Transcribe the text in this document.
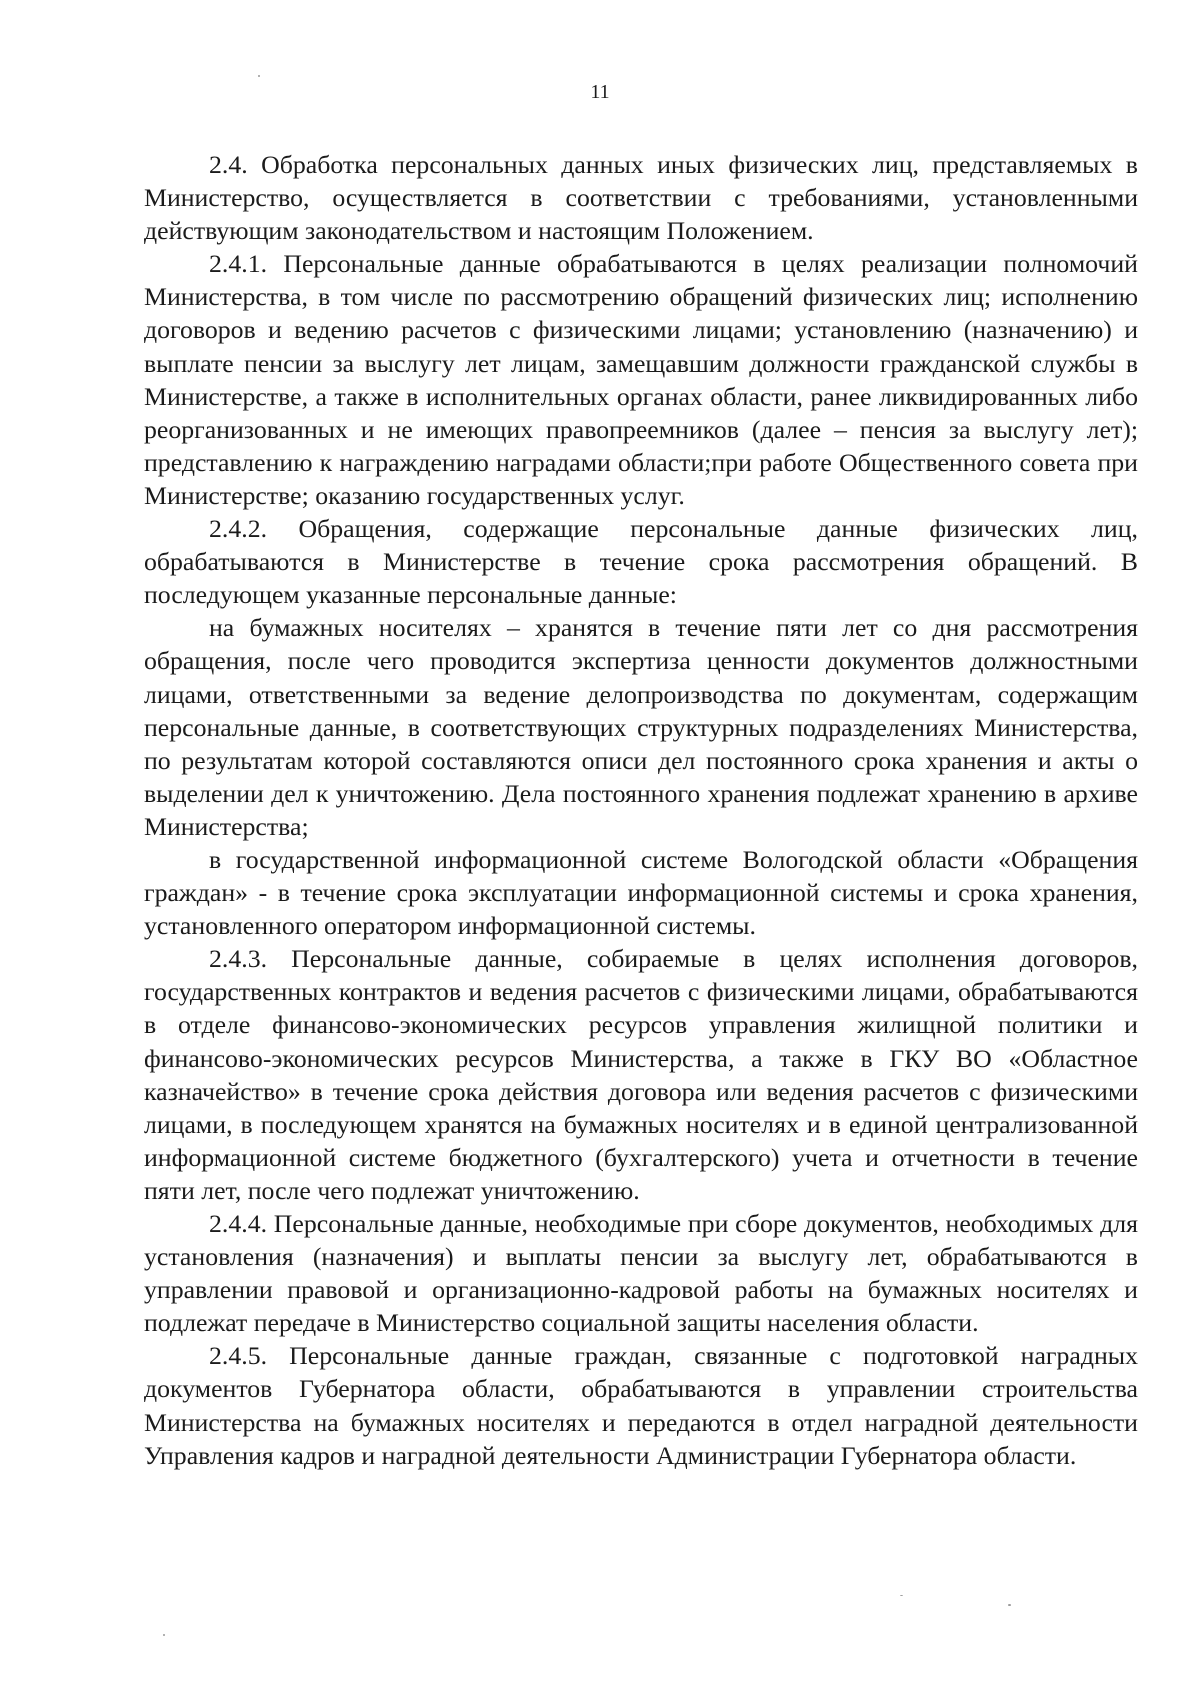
11

2.4. Обработка персональных данных иных физических лиц, представляемых в Министерство, осуществляется в соответствии с требованиями, установленными действующим законодательством и настоящим Положением.

2.4.1. Персональные данные обрабатываются в целях реализации полномочий Министерства, в том числе по рассмотрению обращений физических лиц; исполнению договоров и ведению расчетов с физическими лицами; установлению (назначению) и выплате пенсии за выслугу лет лицам, замещавшим должности гражданской службы в Министерстве, а также в исполнительных органах области, ранее ликвидированных либо реорганизованных и не имеющих правопреемников (далее – пенсия за выслугу лет); представлению к награждению наградами области;при работе Общественного совета при Министерстве; оказанию государственных услуг.

2.4.2. Обращения, содержащие персональные данные физических лиц, обрабатываются в Министерстве в течение срока рассмотрения обращений. В последующем указанные персональные данные:

на бумажных носителях – хранятся в течение пяти лет со дня рассмотрения обращения, после чего проводится экспертиза ценности документов должностными лицами, ответственными за ведение делопроизводства по документам, содержащим персональные данные, в соответствующих структурных подразделениях Министерства, по результатам которой составляются описи дел постоянного срока хранения и акты о выделении дел к уничтожению. Дела постоянного хранения подлежат хранению в архиве Министерства;

в государственной информационной системе Вологодской области «Обращения граждан» - в течение срока эксплуатации информационной системы и срока хранения, установленного оператором информационной системы.

2.4.3. Персональные данные, собираемые в целях исполнения договоров, государственных контрактов и ведения расчетов с физическими лицами, обрабатываются в отделе финансово-экономических ресурсов управления жилищной политики и финансово-экономических ресурсов Министерства, а также в ГКУ ВО «Областное казначейство» в течение срока действия договора или ведения расчетов с физическими лицами, в последующем хранятся на бумажных носителях и в единой централизованной информационной системе бюджетного (бухгалтерского) учета и отчетности в течение пяти лет, после чего подлежат уничтожению.

2.4.4. Персональные данные, необходимые при сборе документов, необходимых для установления (назначения) и выплаты пенсии за выслугу лет, обрабатываются в управлении правовой и организационно-кадровой работы на бумажных носителях и подлежат передаче в Министерство социальной защиты населения области.

2.4.5. Персональные данные граждан, связанные с подготовкой наградных документов Губернатора области, обрабатываются в управлении строительства Министерства на бумажных носителях и передаются в отдел наградной деятельности Управления кадров и наградной деятельности Администрации Губернатора области.
